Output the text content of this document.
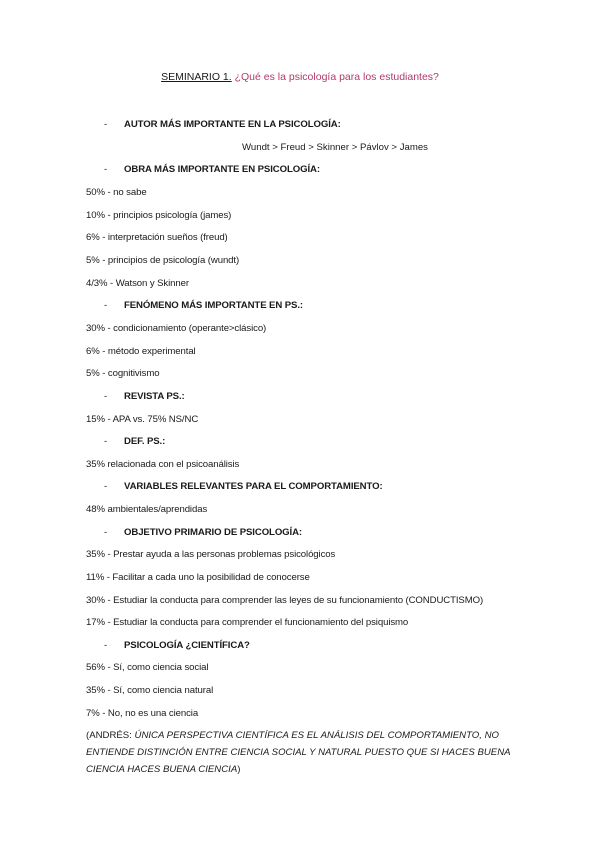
SEMINARIO 1. ¿Qué es la psicología para los estudiantes?
- AUTOR MÁS IMPORTANTE EN LA PSICOLOGÍA:
Wundt > Freud > Skinner > Pávlov > James
- OBRA MÁS IMPORTANTE EN PSICOLOGÍA:
50% - no sabe
10% - principios psicología (james)
6% - interpretación sueños (freud)
5% - principios de psicología (wundt)
4/3% - Watson y Skinner
- FENÓMENO MÁS IMPORTANTE EN PS.:
30% - condicionamiento (operante>clásico)
6% - método experimental
5% - cognitivismo
- REVISTA PS.:
15% - APA vs. 75% NS/NC
- DEF. PS.:
35% relacionada con el psicoanálisis
- VARIABLES RELEVANTES PARA EL COMPORTAMIENTO:
48% ambientales/aprendidas
- OBJETIVO PRIMARIO DE PSICOLOGÍA:
35% - Prestar ayuda a las personas problemas psicológicos
11% - Facilitar a cada uno la posibilidad de conocerse
30% - Estudiar la conducta para comprender las leyes de su funcionamiento (CONDUCTISMO)
17% - Estudiar la conducta para comprender el funcionamiento del psiquismo
- PSICOLOGÍA ¿CIENTÍFICA?
56% - Sí, como ciencia social
35% - Sí, como ciencia natural
7% - No, no es una ciencia
(ANDRÉS: ÚNICA PERSPECTIVA CIENTÍFICA ES EL ANÁLISIS DEL COMPORTAMIENTO, NO ENTIENDE DISTINCIÓN ENTRE CIENCIA SOCIAL Y NATURAL PUESTO QUE SI HACES BUENA CIENCIA HACES BUENA CIENCIA)
